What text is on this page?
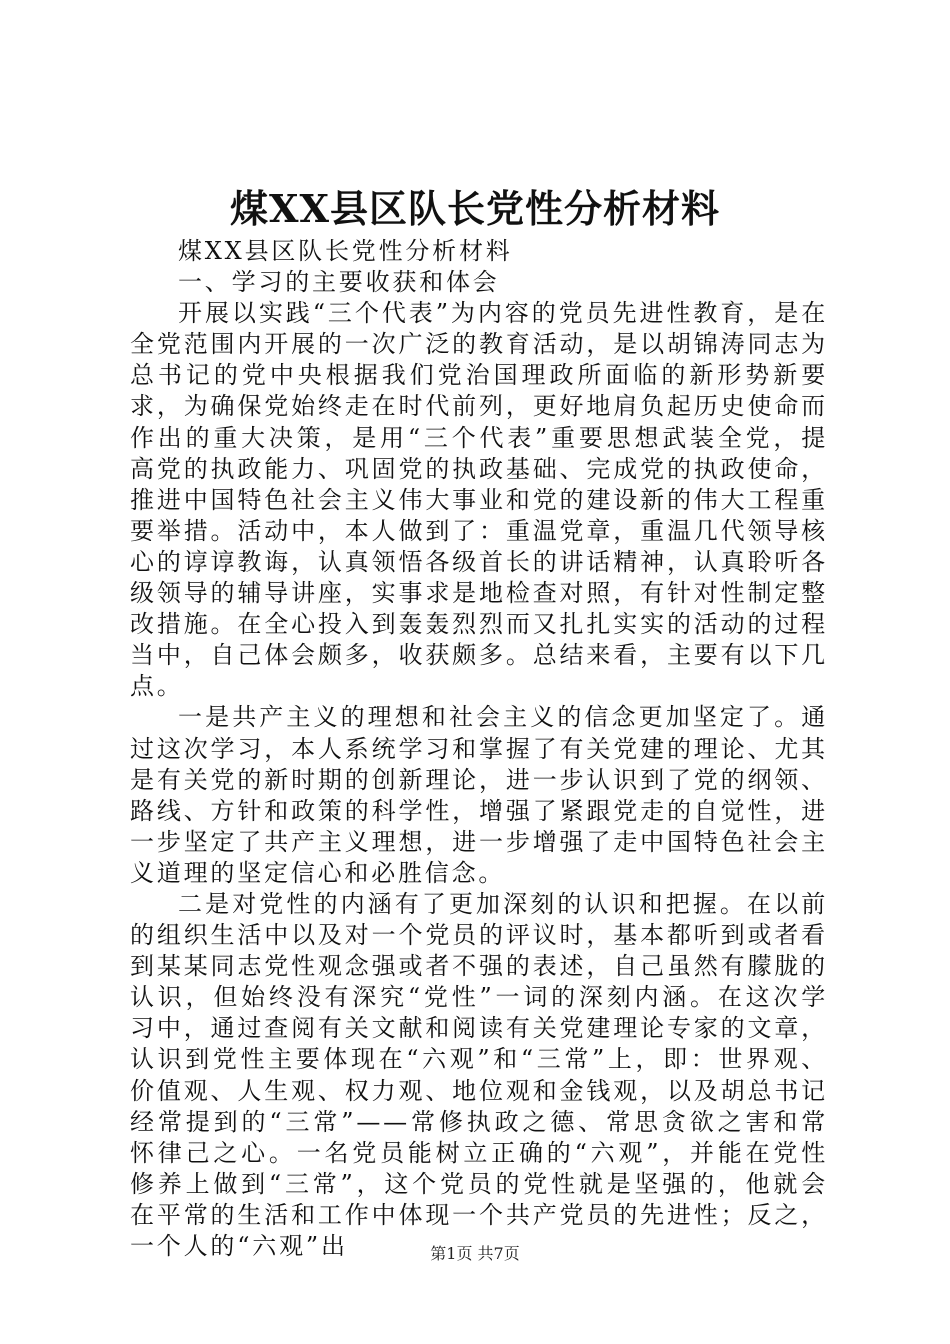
煤XX县区队长党性分析材料

煤XX县区队长党性分析材料

一、学习的主要收获和体会

开展以实践“三个代表”为内容的党员先进性教育，是在全党范围内开展的一次广泛的教育活动，是以胡锦涛同志为总书记的党中央根据我们党治国理政所面临的新形势新要求，为确保党始终走在时代前列，更好地肩负起历史使命而作出的重大决策，是用“三个代表”重要思想武装全党，提高党的执政能力、巩固党的执政基础、完成党的执政使命，推进中国特色社会主义伟大事业和党的建设新的伟大工程重要举措。活动中，本人做到了：重温党章，重温几代领导核心的谆谆教诲，认真领悟各级首长的讲话精神，认真聆听各级领导的辅导讲座，实事求是地检查对照，有针对性制定整改措施。在全心投入到轰轰烈烈而又扎扎实实的活动的过程当中，自己体会颇多，收获颇多。总结来看，主要有以下几点。

一是共产主义的理想和社会主义的信念更加坚定了。通过这次学习，本人系统学习和掌握了有关党建的理论、尤其是有关党的新时期的创新理论，进一步认识到了党的纲领、路线、方针和政策的科学性，增强了紧跟党走的自觉性，进一步坚定了共产主义理想，进一步增强了走中国特色社会主义道理的坚定信心和必胜信念。

二是对党性的内涵有了更加深刻的认识和把握。在以前的组织生活中以及对一个党员的评议时，基本都听到或者看到某某同志党性观念强或者不强的表述，自己虽然有朦胧的认识，但始终没有深究“党性”一词的深刻内涵。在这次学习中，通过查阅有关文献和阅读有关党建理论专家的文章，认识到党性主要体现在“六观”和“三常”上，即：世界观、价值观、人生观、权力观、地位观和金钱观，以及胡总书记经常提到的“三常”——常修执政之德、常思贪欲之害和常怀律己之心。一名党员能树立正确的“六观”，并能在党性修养上做到“三常”，这个党员的党性就是坚强的，他就会在平常的生活和工作中体现一个共产党员的先进性；反之，一个人的“六观”出	第1页 共7页
